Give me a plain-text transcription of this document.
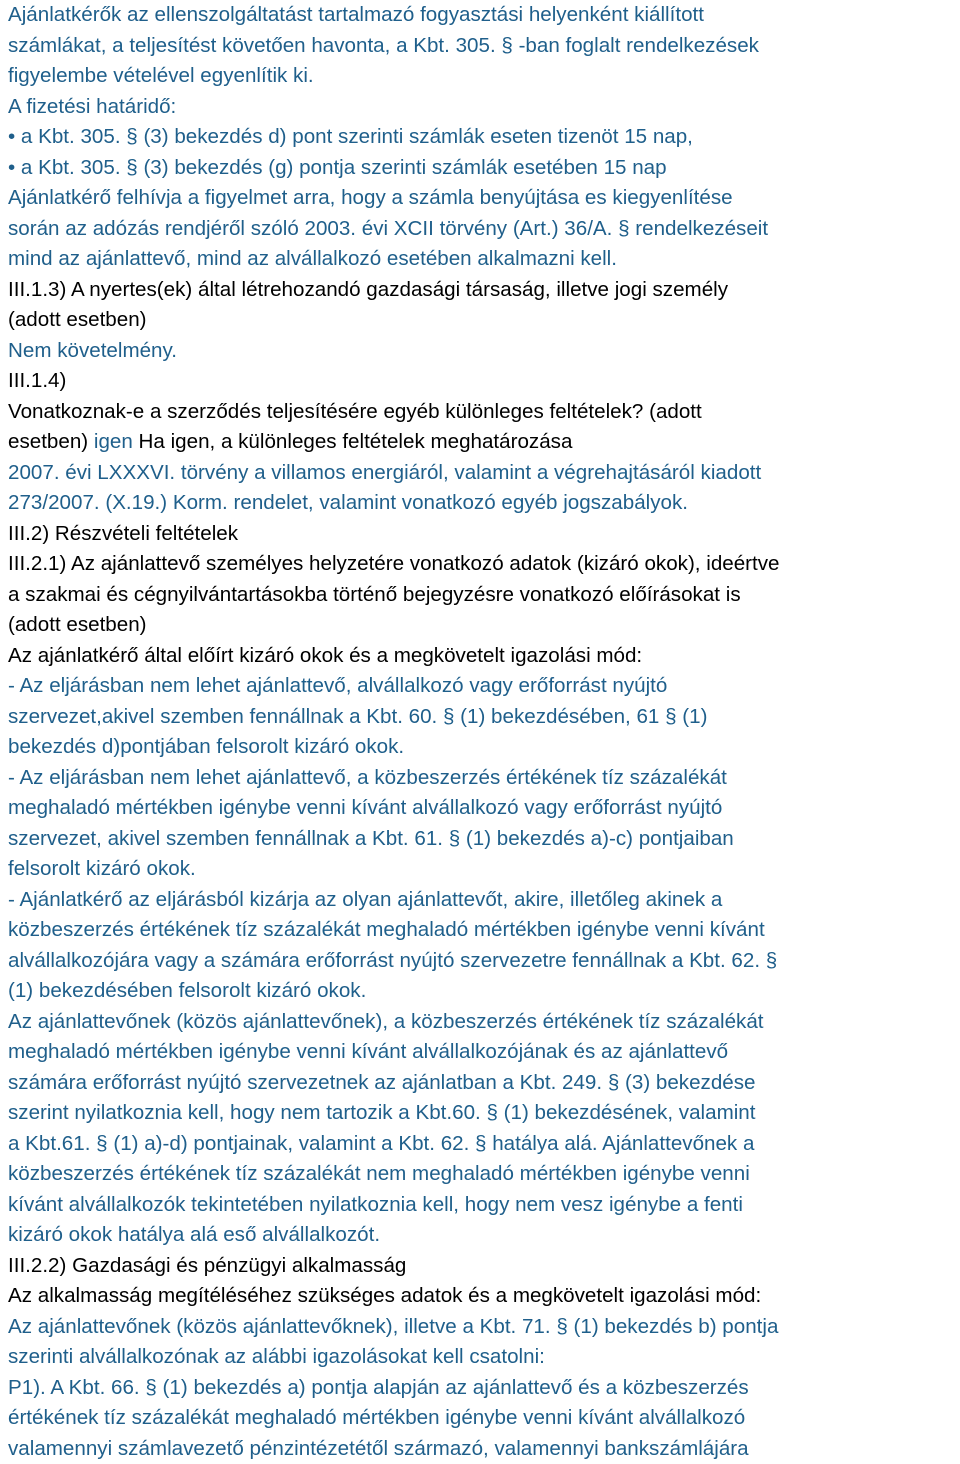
Ajánlatkérők az ellenszolgáltatást tartalmazó fogyasztási helyenként kiállított
számlákat, a teljesítést követően havonta, a Kbt. 305. § -ban foglalt rendelkezések
figyelembe vételével egyenlítik ki.
A fizetési határidő:
• a Kbt. 305. § (3) bekezdés d) pont szerinti számlák eseten tizenöt 15 nap,
• a Kbt. 305. § (3) bekezdés (g) pontja szerinti számlák esetében 15 nap
Ajánlatkérő felhívja a figyelmet arra, hogy a számla benyújtása es kiegyenlítése
során az adózás rendjéről szóló 2003. évi XCII törvény (Art.) 36/A. § rendelkezéseit
mind az ajánlattevő, mind az alvállalkozó esetében alkalmazni kell.
III.1.3) A nyertes(ek) által létrehozandó gazdasági társaság, illetve jogi személy
(adott esetben)
Nem követelmény.
III.1.4)
Vonatkoznak-e a szerződés teljesítésére egyéb különleges feltételek? (adott
esetben) igen Ha igen, a különleges feltételek meghatározása
2007. évi LXXXVI. törvény a villamos energiáról, valamint a végrehajtásáról kiadott
273/2007. (X.19.) Korm. rendelet, valamint vonatkozó egyéb jogszabályok.
III.2) Részvételi feltételek
III.2.1) Az ajánlattevő személyes helyzetére vonatkozó adatok (kizáró okok), ideértve
a szakmai és cégnyilvántartásokba történő bejegyzésre vonatkozó előírásokat is
(adott esetben)
Az ajánlatkérő által előírt kizáró okok és a megkövetelt igazolási mód:
- Az eljárásban nem lehet ajánlattevő, alvállalkozó vagy erőforrást nyújtó
szervezet,akivel szemben fennállnak a Kbt. 60. § (1) bekezdésében, 61 § (1)
bekezdés d)pontjában felsorolt kizáró okok.
- Az eljárásban nem lehet ajánlattevő, a közbeszerzés értékének tíz százalékát
meghaladó mértékben igénybe venni kívánt alvállalkozó vagy erőforrást nyújtó
szervezet, akivel szemben fennállnak a Kbt. 61. § (1) bekezdés a)-c) pontjaiban
felsorolt kizáró okok.
- Ajánlatkérő az eljárásból kizárja az olyan ajánlattevőt, akire, illetőleg akinek a
közbeszerzés értékének tíz százalékát meghaladó mértékben igénybe venni kívánt
alvállalkozójára vagy a számára erőforrást nyújtó szervezetre fennállnak a Kbt. 62. §
(1) bekezdésében felsorolt kizáró okok.
Az ajánlattevőnek (közös ajánlattevőnek), a közbeszerzés értékének tíz százalékát
meghaladó mértékben igénybe venni kívánt alvállalkozójának és az ajánlattevő
számára erőforrást nyújtó szervezetnek az ajánlatban a Kbt. 249. § (3) bekezdése
szerint nyilatkoznia kell, hogy nem tartozik a Kbt.60. § (1) bekezdésének, valamint
a Kbt.61. § (1) a)-d) pontjainak, valamint a Kbt. 62. § hatálya alá. Ajánlattevőnek a
közbeszerzés értékének tíz százalékát nem meghaladó mértékben igénybe venni
kívánt alvállalkozók tekintetében nyilatkoznia kell, hogy nem vesz igénybe a fenti
kizáró okok hatálya alá eső alvállalkozót.
III.2.2) Gazdasági és pénzügyi alkalmasság
Az alkalmasság megítéléséhez szükséges adatok és a megkövetelt igazolási mód:
Az ajánlattevőnek (közös ajánlattevőknek), illetve a Kbt. 71. § (1) bekezdés b) pontja
szerinti alvállalkozónak az alábbi igazolásokat kell csatolni:
P1). A Kbt. 66. § (1) bekezdés a) pontja alapján az ajánlattevő és a közbeszerzés
értékének tíz százalékát meghaladó mértékben igénybe venni kívánt alvállalkozó
valamennyi számlavezető pénzintézetétől származó, valamennyi bankszámlájára
